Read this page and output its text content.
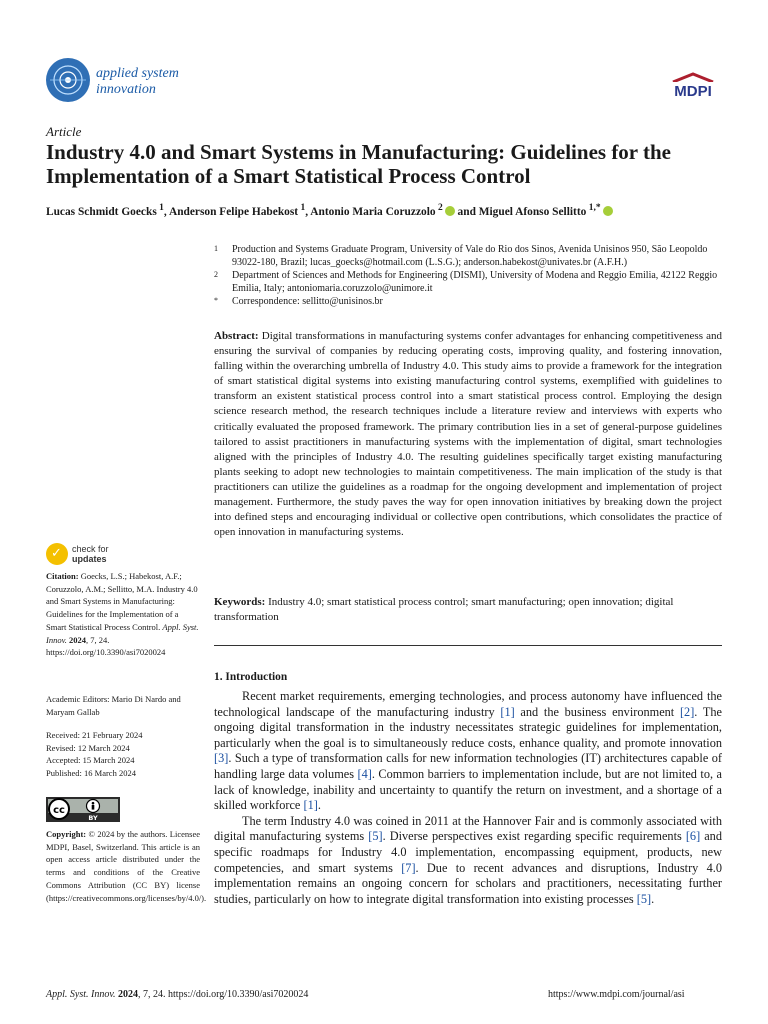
applied system
innovation	MDPI
Article
Industry 4.0 and Smart Systems in Manufacturing: Guidelines for the Implementation of a Smart Statistical Process Control
Lucas Schmidt Goecks $^1$, Anderson Felipe Habekost $^1$, Antonio Maria Coruzzolo $^2$ and Miguel Afonso Sellitto $^{1,*}$
1 Production and Systems Graduate Program, University of Vale do Rio dos Sinos, Avenida Unisinos 950, São Leopoldo 93022-180, Brazil; lucas_goecks@hotmail.com (L.S.G.); anderson.habekost@univates.br (A.F.H.)
2 Department of Sciences and Methods for Engineering (DISMI), University of Modena and Reggio Emilia, 42122 Reggio Emilia, Italy; antoniomaria.coruzzolo@unimore.it
* Correspondence: sellitto@unisinos.br
Abstract: Digital transformations in manufacturing systems confer advantages for enhancing competitiveness and ensuring the survival of companies by reducing operating costs, improving quality, and fostering innovation, falling within the overarching umbrella of Industry 4.0. This study aims to provide a framework for the integration of smart statistical digital systems into existing manufacturing control systems, exemplified with guidelines to transform an existent statistical process control into a smart statistical process control. Employing the design science research method, the research techniques include a literature review and interviews with experts who critically evaluated the proposed framework. The primary contribution lies in a set of general-purpose guidelines tailored to assist practitioners in manufacturing systems with the implementation of digital, smart technologies aligned with the principles of Industry 4.0. The resulting guidelines specifically target existing manufacturing plants seeking to adopt new technologies to maintain competitiveness. The main implication of the study is that practitioners can utilize the guidelines as a roadmap for the ongoing development and implementation of project management. Furthermore, the study paves the way for open innovation initiatives by breaking down the project into defined steps and encouraging individual or collective open contributions, which consolidates the practice of open innovation in manufacturing systems.
Keywords: Industry 4.0; smart statistical process control; smart manufacturing; open innovation; digital transformation
1. Introduction

Recent market requirements, emerging technologies, and process autonomy have influenced the technological landscape of the manufacturing industry [1] and the business environment [2]. The ongoing digital transformation in the industry necessitates strategic guidelines for implementation, particularly when the goal is to simultaneously reduce costs, enhance quality, and promote innovation [3]. Such a type of transformation calls for new information technologies (IT) architectures capable of handling large data volumes [4]. Common barriers to implementation include, but are not limited to, a lack of knowledge, inability and uncertainty to quantify the return on investment, and a shortage of a skilled workforce [1].

The term Industry 4.0 was coined in 2011 at the Hannover Fair and is commonly associated with digital manufacturing systems [5]. Diverse perspectives exist regarding specific requirements [6] and specific roadmaps for Industry 4.0 implementation, encompassing equipment, products, new competencies, and smart systems [7]. Due to recent advances and disruptions, Industry 4.0 implementation remains an ongoing concern for scholars and practitioners, necessitating further studies, particularly on how to integrate digital transformation into existing processes [5].

✓ check for
updates
Citation: Goecks, L.S.; Habekost, A.F.; Coruzzolo, A.M.; Sellitto, M.A. Industry 4.0 and Smart Systems in Manufacturing: Guidelines for the Implementation of a Smart Statistical Process Control. Appl. Syst. Innov. 2024, 7, 24. https://doi.org/10.3390/asi7020024
Academic Editors: Mario Di Nardo and Maryam Gallab
Received: 21 February 2024
Revised: 12 March 2024
Accepted: 15 March 2024
Published: 16 March 2024
cc
BY
Copyright: © 2024 by the authors. Licensee MDPI, Basel, Switzerland. This article is an open access article distributed under the terms and conditions of the Creative Commons Attribution (CC BY) license (https://creativecommons.org/licenses/by/4.0/).
Appl. Syst. Innov. 2024, 7, 24. https://doi.org/10.3390/asi7020024	https://www.mdpi.com/journal/asi
